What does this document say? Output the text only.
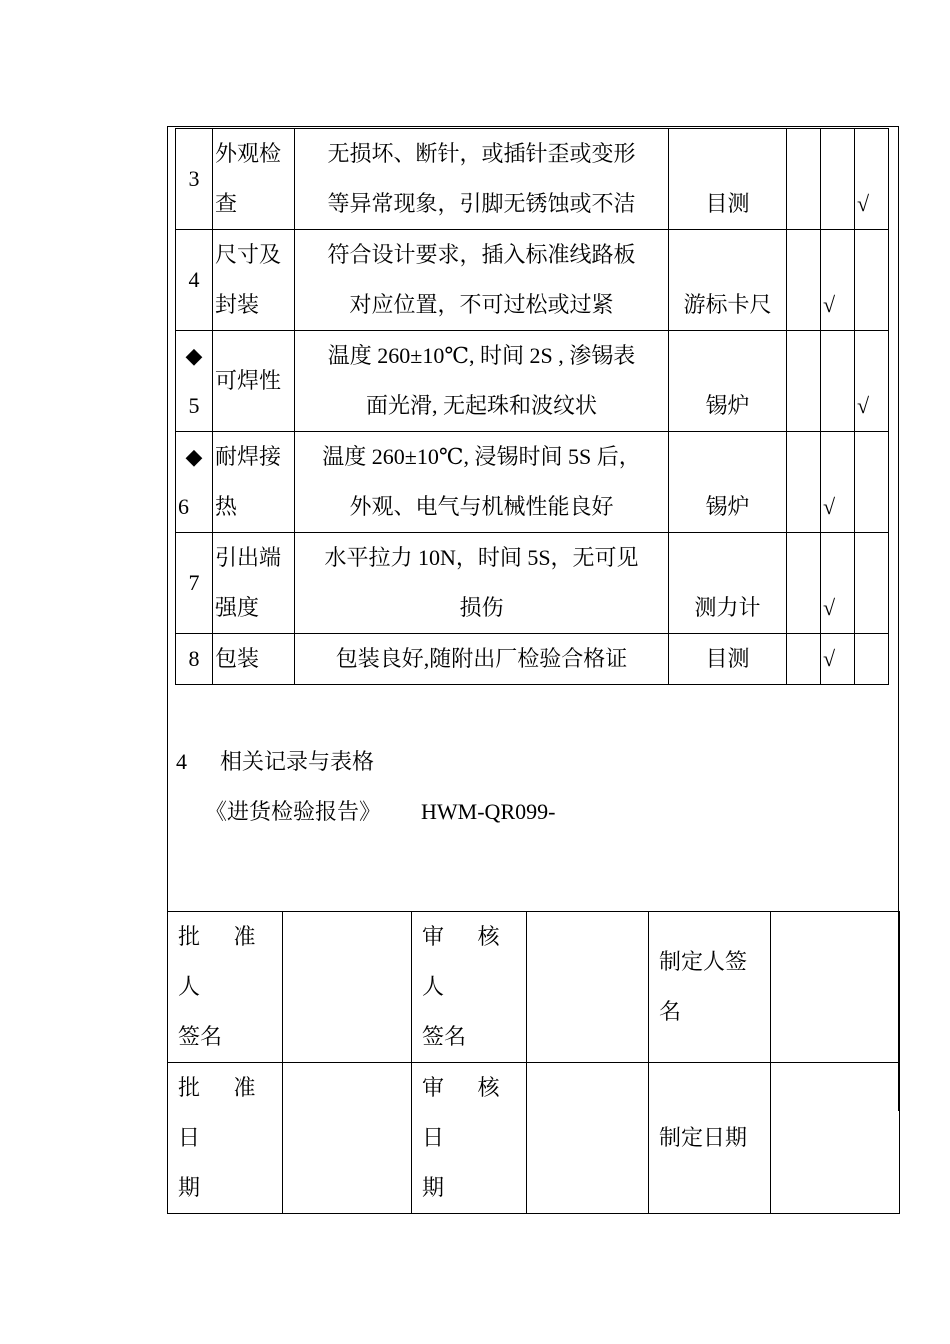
3	外观检
查	无损坏、断针，或插针歪或变形
等异常现象，引脚无锈蚀或不洁	目测			√

4	尺寸及
封装	符合设计要求，插入标准线路板
对应位置，不可过松或过紧	游标卡尺		√	

◆
5	可焊性	温度 260±10℃, 时间 2S , 渗锡表
面光滑, 无起珠和波纹状	锡炉			√

◆
6	耐焊接
热	温度 260±10℃, 浸锡时间 5S 后，
外观、电气与机械性能良好	锡炉		√	

7	引出端
强度	水平拉力 10N，时间 5S，无可见
损伤	测力计		√	

8	包装	包装良好,随附出厂检验合格证	目测		√	
4 相关记录与表格
《进货检验报告》 HWM-QR099-
批 准 人
签名		审 核 人
签名		制定人签
名	

批 准 日
期		审 核 日
期		制定日期	
